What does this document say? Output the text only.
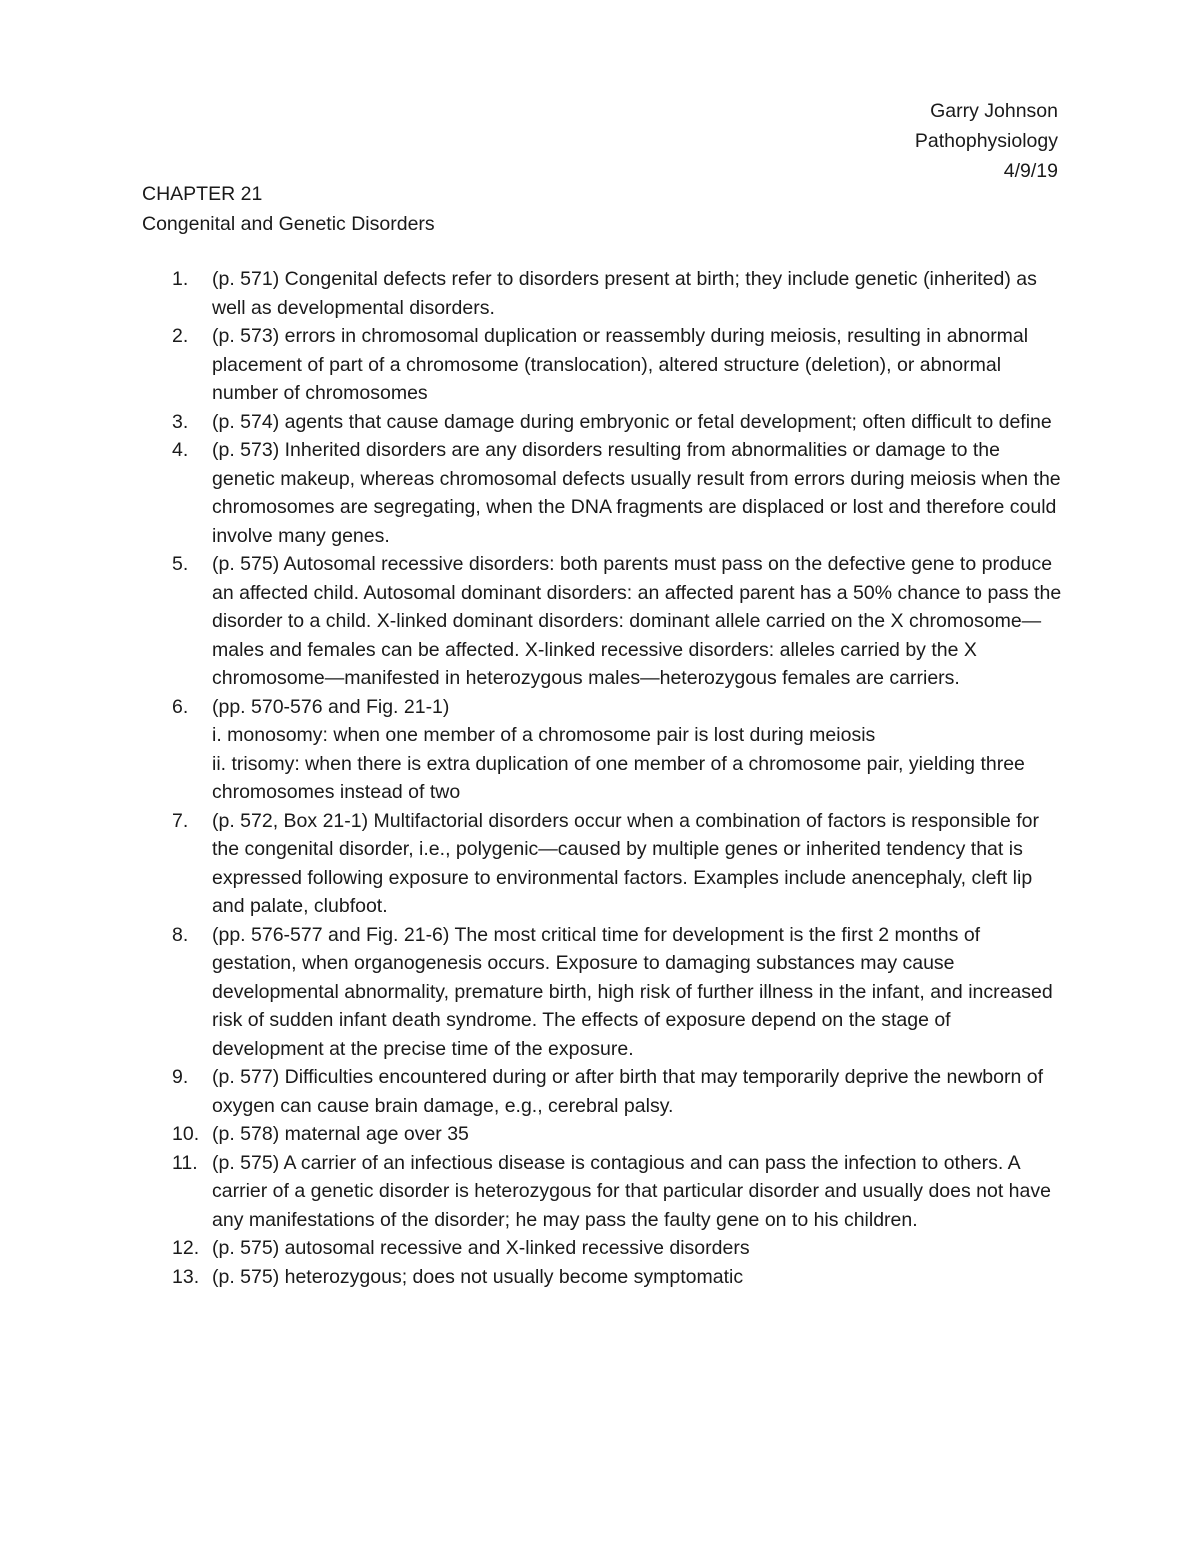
Garry Johnson
Pathophysiology
4/9/19
CHAPTER 21
Congenital and Genetic Disorders
1.	(p. 571) Congenital defects refer to disorders present at birth; they include genetic (inherited) as well as developmental disorders.
2.	(p. 573) errors in chromosomal duplication or reassembly during meiosis, resulting in abnormal placement of part of a chromosome (translocation), altered structure (deletion), or abnormal number of chromosomes
3.	(p. 574) agents that cause damage during embryonic or fetal development; often difficult to define
4.	(p. 573) Inherited disorders are any disorders resulting from abnormalities or damage to the genetic makeup, whereas chromosomal defects usually result from errors during meiosis when the chromosomes are segregating, when the DNA fragments are displaced or lost and therefore could involve many genes.
5.	(p. 575) Autosomal recessive disorders: both parents must pass on the defective gene to produce an affected child. Autosomal dominant disorders: an affected parent has a 50% chance to pass the disorder to a child. X-linked dominant disorders: dominant allele carried on the X chromosome—males and females can be affected. X-linked recessive disorders: alleles carried by the X chromosome—manifested in heterozygous males—heterozygous females are carriers.
6.	(pp. 570-576 and Fig. 21-1)
i. monosomy: when one member of a chromosome pair is lost during meiosis
ii. trisomy: when there is extra duplication of one member of a chromosome pair, yielding three chromosomes instead of two
7.	(p. 572, Box 21-1) Multifactorial disorders occur when a combination of factors is responsible for the congenital disorder, i.e., polygenic—caused by multiple genes or inherited tendency that is expressed following exposure to environmental factors. Examples include anencephaly, cleft lip and palate, clubfoot.
8.	(pp. 576-577 and Fig. 21-6) The most critical time for development is the first 2 months of gestation, when organogenesis occurs. Exposure to damaging substances may cause developmental abnormality, premature birth, high risk of further illness in the infant, and increased risk of sudden infant death syndrome. The effects of exposure depend on the stage of development at the precise time of the exposure.
9.	(p. 577) Difficulties encountered during or after birth that may temporarily deprive the newborn of oxygen can cause brain damage, e.g., cerebral palsy.
10. (p. 578) maternal age over 35
11. (p. 575) A carrier of an infectious disease is contagious and can pass the infection to others. A carrier of a genetic disorder is heterozygous for that particular disorder and usually does not have any manifestations of the disorder; he may pass the faulty gene on to his children.
12. (p. 575) autosomal recessive and X-linked recessive disorders
13. (p. 575) heterozygous; does not usually become symptomatic
